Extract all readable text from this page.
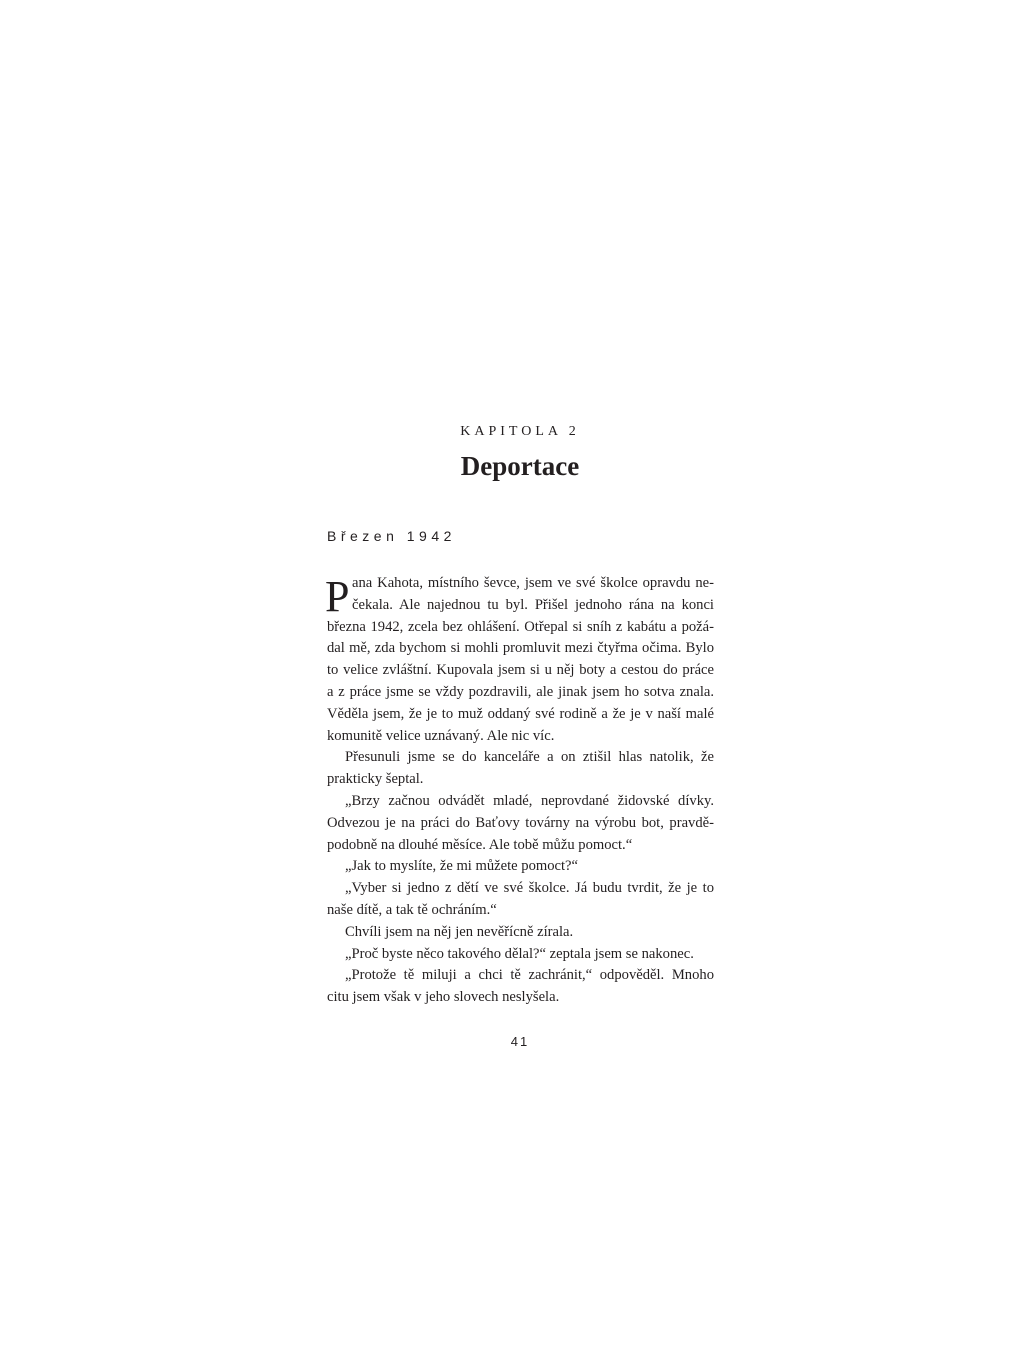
KAPITOLA 2
Deportace
Březen 1942
P ana Kahota, místního ševce, jsem ve své školce opravdu ne-
čekala. Ale najednou tu byl. Přišel jednoho rána na konci
března 1942, zcela bez ohlášení. Otřepal si sníh z kabátu a požá-
dal mě, zda bychom si mohli promluvit mezi čtyřma očima. Bylo
to velice zvláštní. Kupovala jsem si u něj boty a cestou do práce
a z práce jsme se vždy pozdravili, ale jinak jsem ho sotva znala.
Věděla jsem, že je to muž oddaný své rodině a že je v naší malé
komunitě velice uznávaný. Ale nic víc.
Přesunuli jsme se do kanceláře a on ztišil hlas natolik, že
prakticky šeptal.
„Brzy začnou odvádět mladé, neprovdané židovské dívky.
Odvezou je na práci do Baťovy továrny na výrobu bot, pravdě-
podobně na dlouhé měsíce. Ale tobě můžu pomoct.“
„Jak to myslíte, že mi můžete pomoct?“
„Vyber si jedno z dětí ve své školce. Já budu tvrdit, že je to
naše dítě, a tak tě ochráním.“
Chvíli jsem na něj jen nevěřícně zírala.
„Proč byste něco takového dělal?“ zeptala jsem se nakonec.
„Protože tě miluji a chci tě zachránit,“ odpověděl. Mnoho
citu jsem však v jeho slovech neslyšela.
41
